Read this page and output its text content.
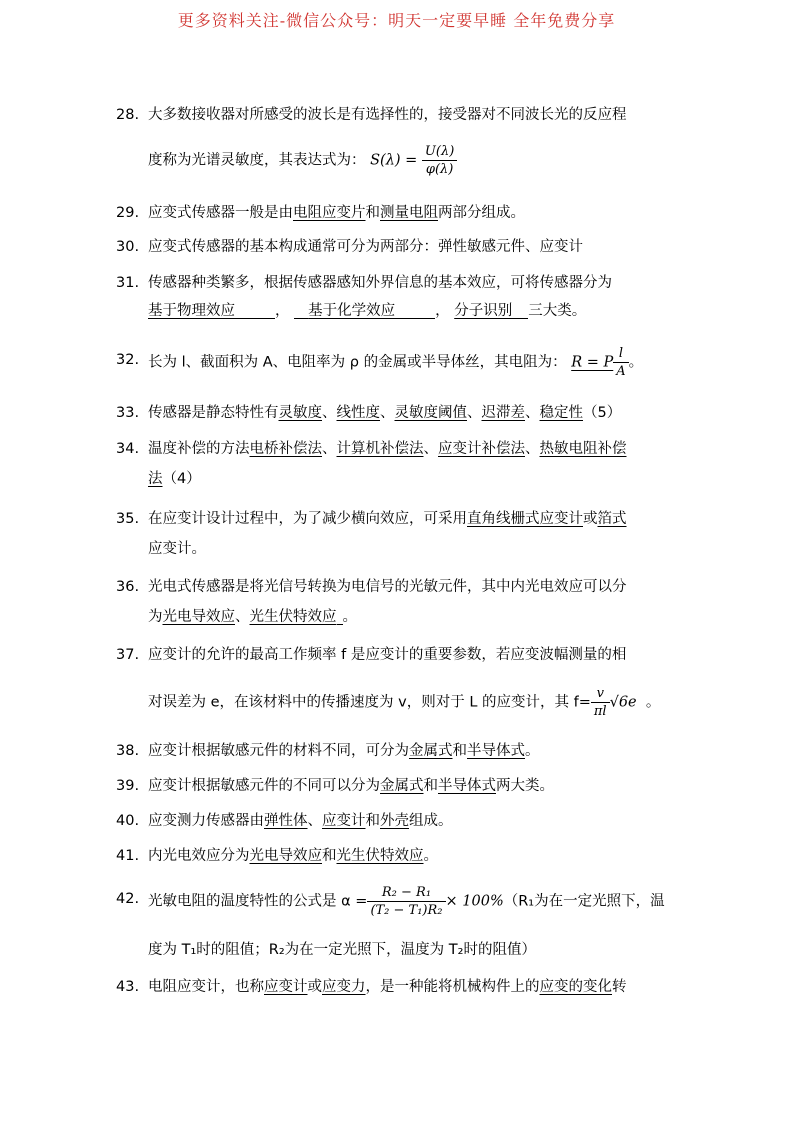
更多资料关注-微信公众号：明天一定要早睡 全年免费分享
28. 大多数接收器对所感受的波长是有选择性的，接受器对不同波长光的反应程
度称为光谱灵敏度，其表达式为： $S(\lambda) = \frac{U(\lambda)}{\varphi(\lambda)}$
29. 应变式传感器一般是由电阻应变片和测量电阻两部分组成。
30. 应变式传感器的基本构成通常可分为两部分：弹性敏感元件、应变计
31. 传感器种类繁多，根据传感器感知外界信息的基本效应，可将传感器分为
基于物理效应	， 基于化学效应	， 分子识别 三大类。
32. 长为 l、截面积为 A、电阻率为 ρ 的金属或半导体丝，其电阻为： R = P $\frac{l}{A}$ 。
33. 传感器是静态特性有灵敏度、线性度、灵敏度阈值、迟滞差、稳定性（5）
34. 温度补偿的方法电桥补偿法、计算机补偿法、应变计补偿法、热敏电阻补偿
法（4）
35. 在应变计设计过程中，为了减少横向效应，可采用直角线栅式应变计或箔式
应变计。
36. 光电式传感器是将光信号转换为电信号的光敏元件，其中内光电效应可以分
为光电导效应、光生伏特效应 。
37. 应变计的允许的最高工作频率 f 是应变计的重要参数，若应变波幅测量的相
对误差为 e，在该材料中的传播速度为 v，则对于 L 的应变计，其 $f= \frac{v}{\pi l} √6e$ 。
38. 应变计根据敏感元件的材料不同，可分为金属式和半导体式。
39. 应变计根据敏感元件的不同可以分为金属式和半导体式两大类。
40. 应变测力传感器由弹性体、应变计和外壳组成。
41. 内光电效应分为光电导效应和光生伏特效应。
42. 光敏电阻的温度特性的公式是 $\alpha = \frac{\text{R₂ − R₁}}{\text{(T₂ − T₁)R₂}} \times 100\%(R_1$为在一定光照下，温
度为 T₁时的阻值；R₂为在一定光照下，温度为 T₂时的阻值）
43. 电阻应变计，也称应变计或应变力，是一种能将机械构件上的应变的变化转
